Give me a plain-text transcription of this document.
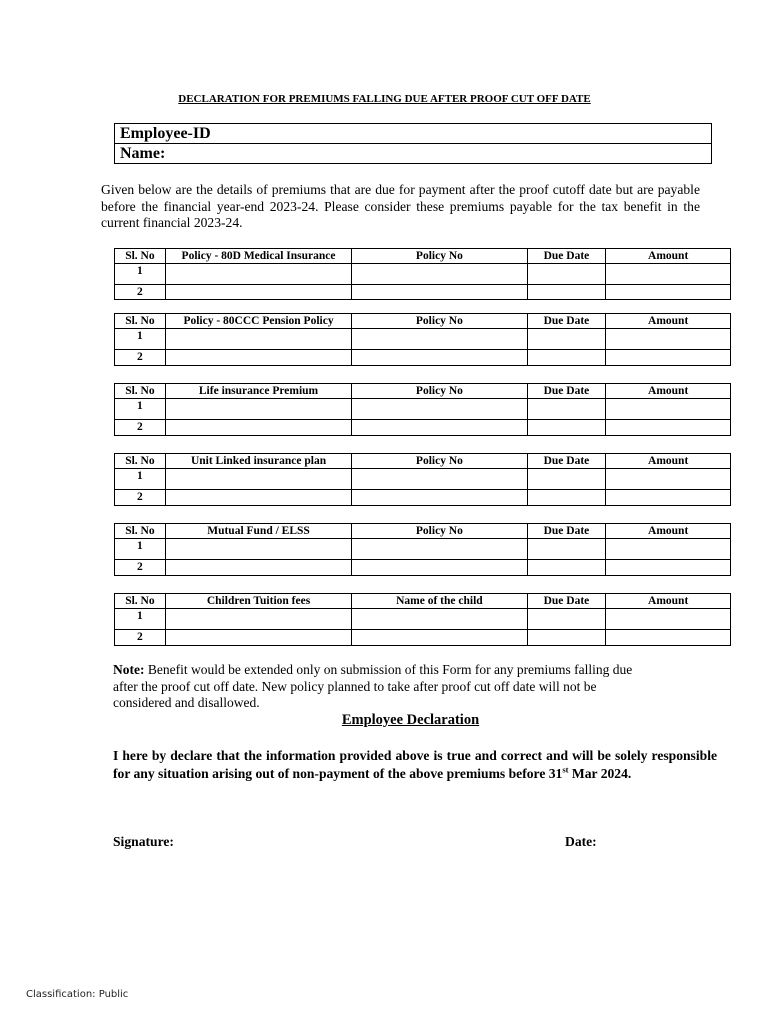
DECLARATION FOR PREMIUMS FALLING DUE AFTER PROOF CUT OFF DATE
Employee-ID
Name:
Given below are the details of premiums that are due for payment after the proof cutoff date but are payable before the financial year-end 2023-24. Please consider these premiums payable for the tax benefit in the current financial 2023-24.
Sl. No	Policy - 80D Medical Insurance	Policy No	Due Date	Amount
1				
2				
Sl. No	Policy - 80CCC Pension Policy	Policy No	Due Date	Amount
1				
2				
Sl. No	Life insurance Premium	Policy No	Due Date	Amount
1				
2				
Sl. No	Unit Linked insurance plan	Policy No	Due Date	Amount
1				
2				
Sl. No	Mutual Fund / ELSS	Policy No	Due Date	Amount
1				
2				
Sl. No	Children Tuition fees	Name of the child	Due Date	Amount
1				
2				
Note: Benefit would be extended only on submission of this Form for any premiums falling due
after the proof cut off date. New policy planned to take after proof cut off date will not be
considered and disallowed.
Employee Declaration
I here by declare that the information provided above is true and correct and will be solely responsible for any situation arising out of non-payment of the above premiums before 31st Mar 2024.
Signature:	Date:
Classification: Public
